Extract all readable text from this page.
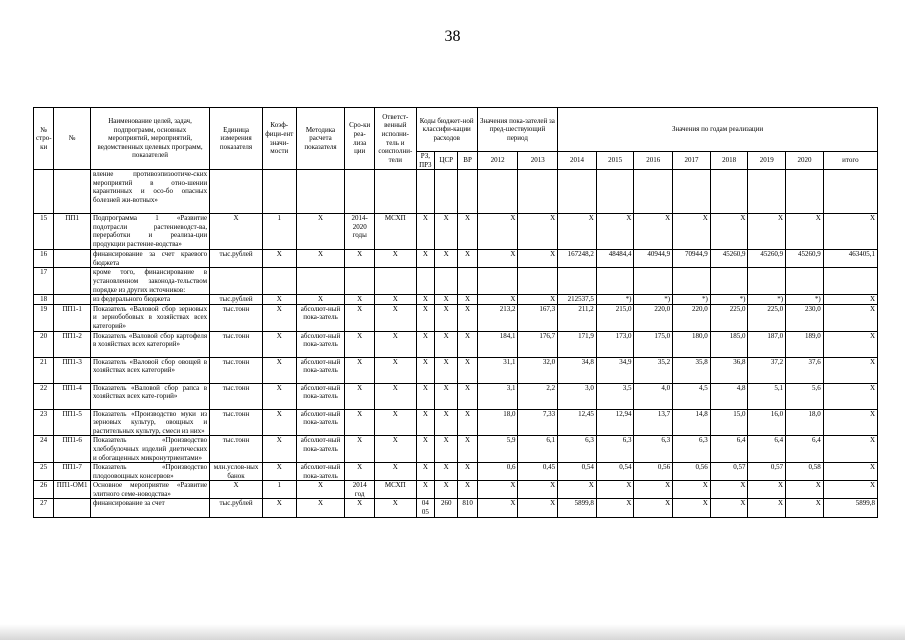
38
№ стро-ки	№	Наименование целей, задач, подпрограмм, основных мероприятий, мероприятий, ведомственных целевых программ, показателей	Единица измерения показателя	Коэф-фици-ент значи-мости	Методика расчета показателя	Сро-ки реа-лиза ции	Ответст-венный исполни-тель и соисполни-тели	Коды бюджет-ной классифи-кации расходов			Значения пока-зателей за пред-шествующий период		Значения по годам реализации							
								РЗ, ПР3	ЦСР	ВР	2012	2013	2014	2015	2016	2017	2018	2019	2020	итого
		вление противоэпизоотиче-ских мероприятий в отно-шении карантинных и осо-бо опасных болезней жи-вотных»																		
15	ПП1	Подпрограмма 1 «Развитие подотрасли растениеводст-ва, переработки и реализа-ции продукции растение-водства»	X	1	X	2014-2020 годы	МСХП	X	X	X	X	X	X	X	X	X	X	X	X	X
16		финансирование за счет краевого бюджета	тыс.рублей	X	X	X	X	X	X	X	X	X	167248,2	48484,4	40944,9	70944,9	45260,9	45260,9	45260,9	463405,1
17		кроме того, финансирование в установленном законода-тельством порядке из других источников:																		
18		из федерального бюджета	тыс.рублей	X	X	X	X	X	X	X	X	X	212537,5	*)	*)	*)	*)	*)	*)	X
19	ПП1-1	Показатель «Валовой сбор зерновых и зернобобовых в хозяйствах всех категорий»	тыс.тонн	X	абсолют-ный пока-затель	X	X	X	X	X	213,2	167,3	211,2	215,0	220,0	220,0	225,0	225,0	230,0	X
20	ПП1-2	Показатель «Валовой сбор картофеля в хозяйствах всех категорий»	тыс.тонн	X	абсолют-ный пока-затель	X	X	X	X	X	184,1	176,7	171,9	173,0	175,0	180,0	185,0	187,0	189,0	X
21	ПП1-3	Показатель «Валовой сбор овощей в хозяйствах всех категорий»	тыс.тонн	X	абсолют-ный пока-затель	X	X	X	X	X	31,1	32,0	34,8	34,9	35,2	35,8	36,8	37,2	37,6	X
22	ПП1-4	Показатель «Валовой сбор рапса в хозяйствах всех кате-горий»	тыс.тонн	X	абсолют-ный пока-затель	X	X	X	X	X	3,1	2,2	3,0	3,5	4,0	4,5	4,8	5,1	5,6	X
23	ПП1-5	Показатель «Производство муки из зерновых культур, овощных и растительных культур, смеси из них»	тыс.тонн	X	абсолют-ный пока-затель	X	X	X	X	X	18,0	7,33	12,45	12,94	13,7	14,8	15,0	16,0	18,0	X
24	ПП1-6	Показатель «Производство хлебобулочных изделий диетических и обогащенных микронутриентами»	тыс.тонн	X	абсолют-ный пока-затель	X	X	X	X	X	5,9	6,1	6,3	6,3	6,3	6,3	6,4	6,4	6,4	X
25	ПП1-7	Показатель «Производство плодоовощных консервов»	млн.услов-ных банок	X	абсолют-ный пока-затель	X	X	X	X	X	0,6	0,45	0,54	0,54	0,56	0,56	0,57	0,57	0,58	X
26	ПП1-ОМ1	Основное мероприятие «Развитие элитного семе-новодства»	X	1	X	2014 год	МСХП	X	X	X	X	X	X	X	X	X	X	X	X	X
27		финансирование за счет	тыс.рублей	X	X	X	X	04 05	260	810	X	X	5899,8	X	X	X	X	X	X	5899,8
